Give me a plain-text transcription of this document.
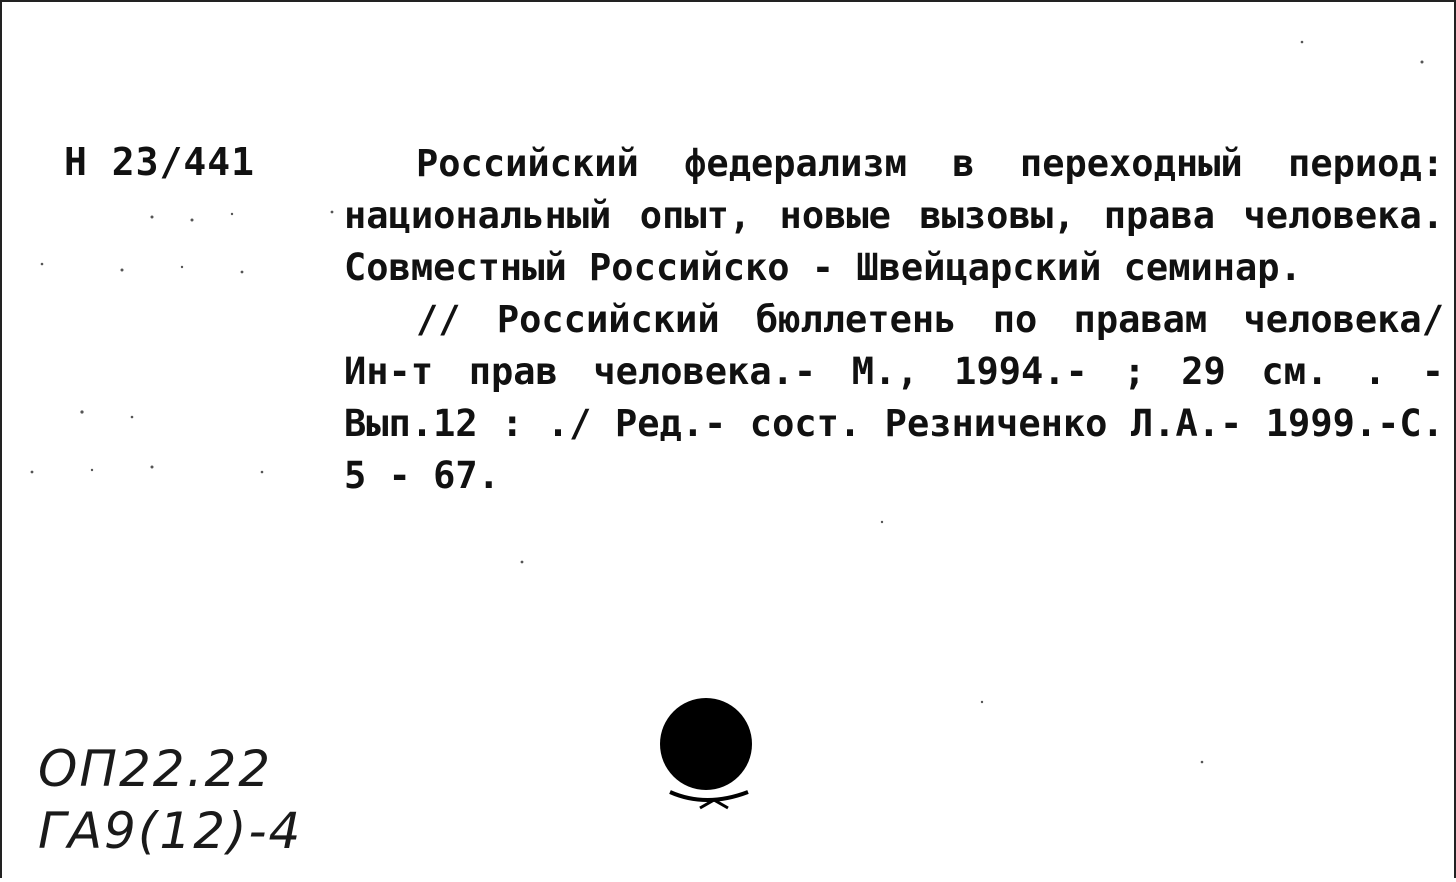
Н 23/441	Российский федерализм в переходный период: национальный опыт, новые вызовы, права человека. Совместный Российско - Швейцарский семинар.
// Российский бюллетень по правам человека/ Ин-т прав человека.- М., 1994.- ; 29 см. . - Вып.12 : ./ Ред.- сост. Резниченко Л.А.- 1999.-С. 5 - 67.
ОП22.22
ГА9(12)-4
